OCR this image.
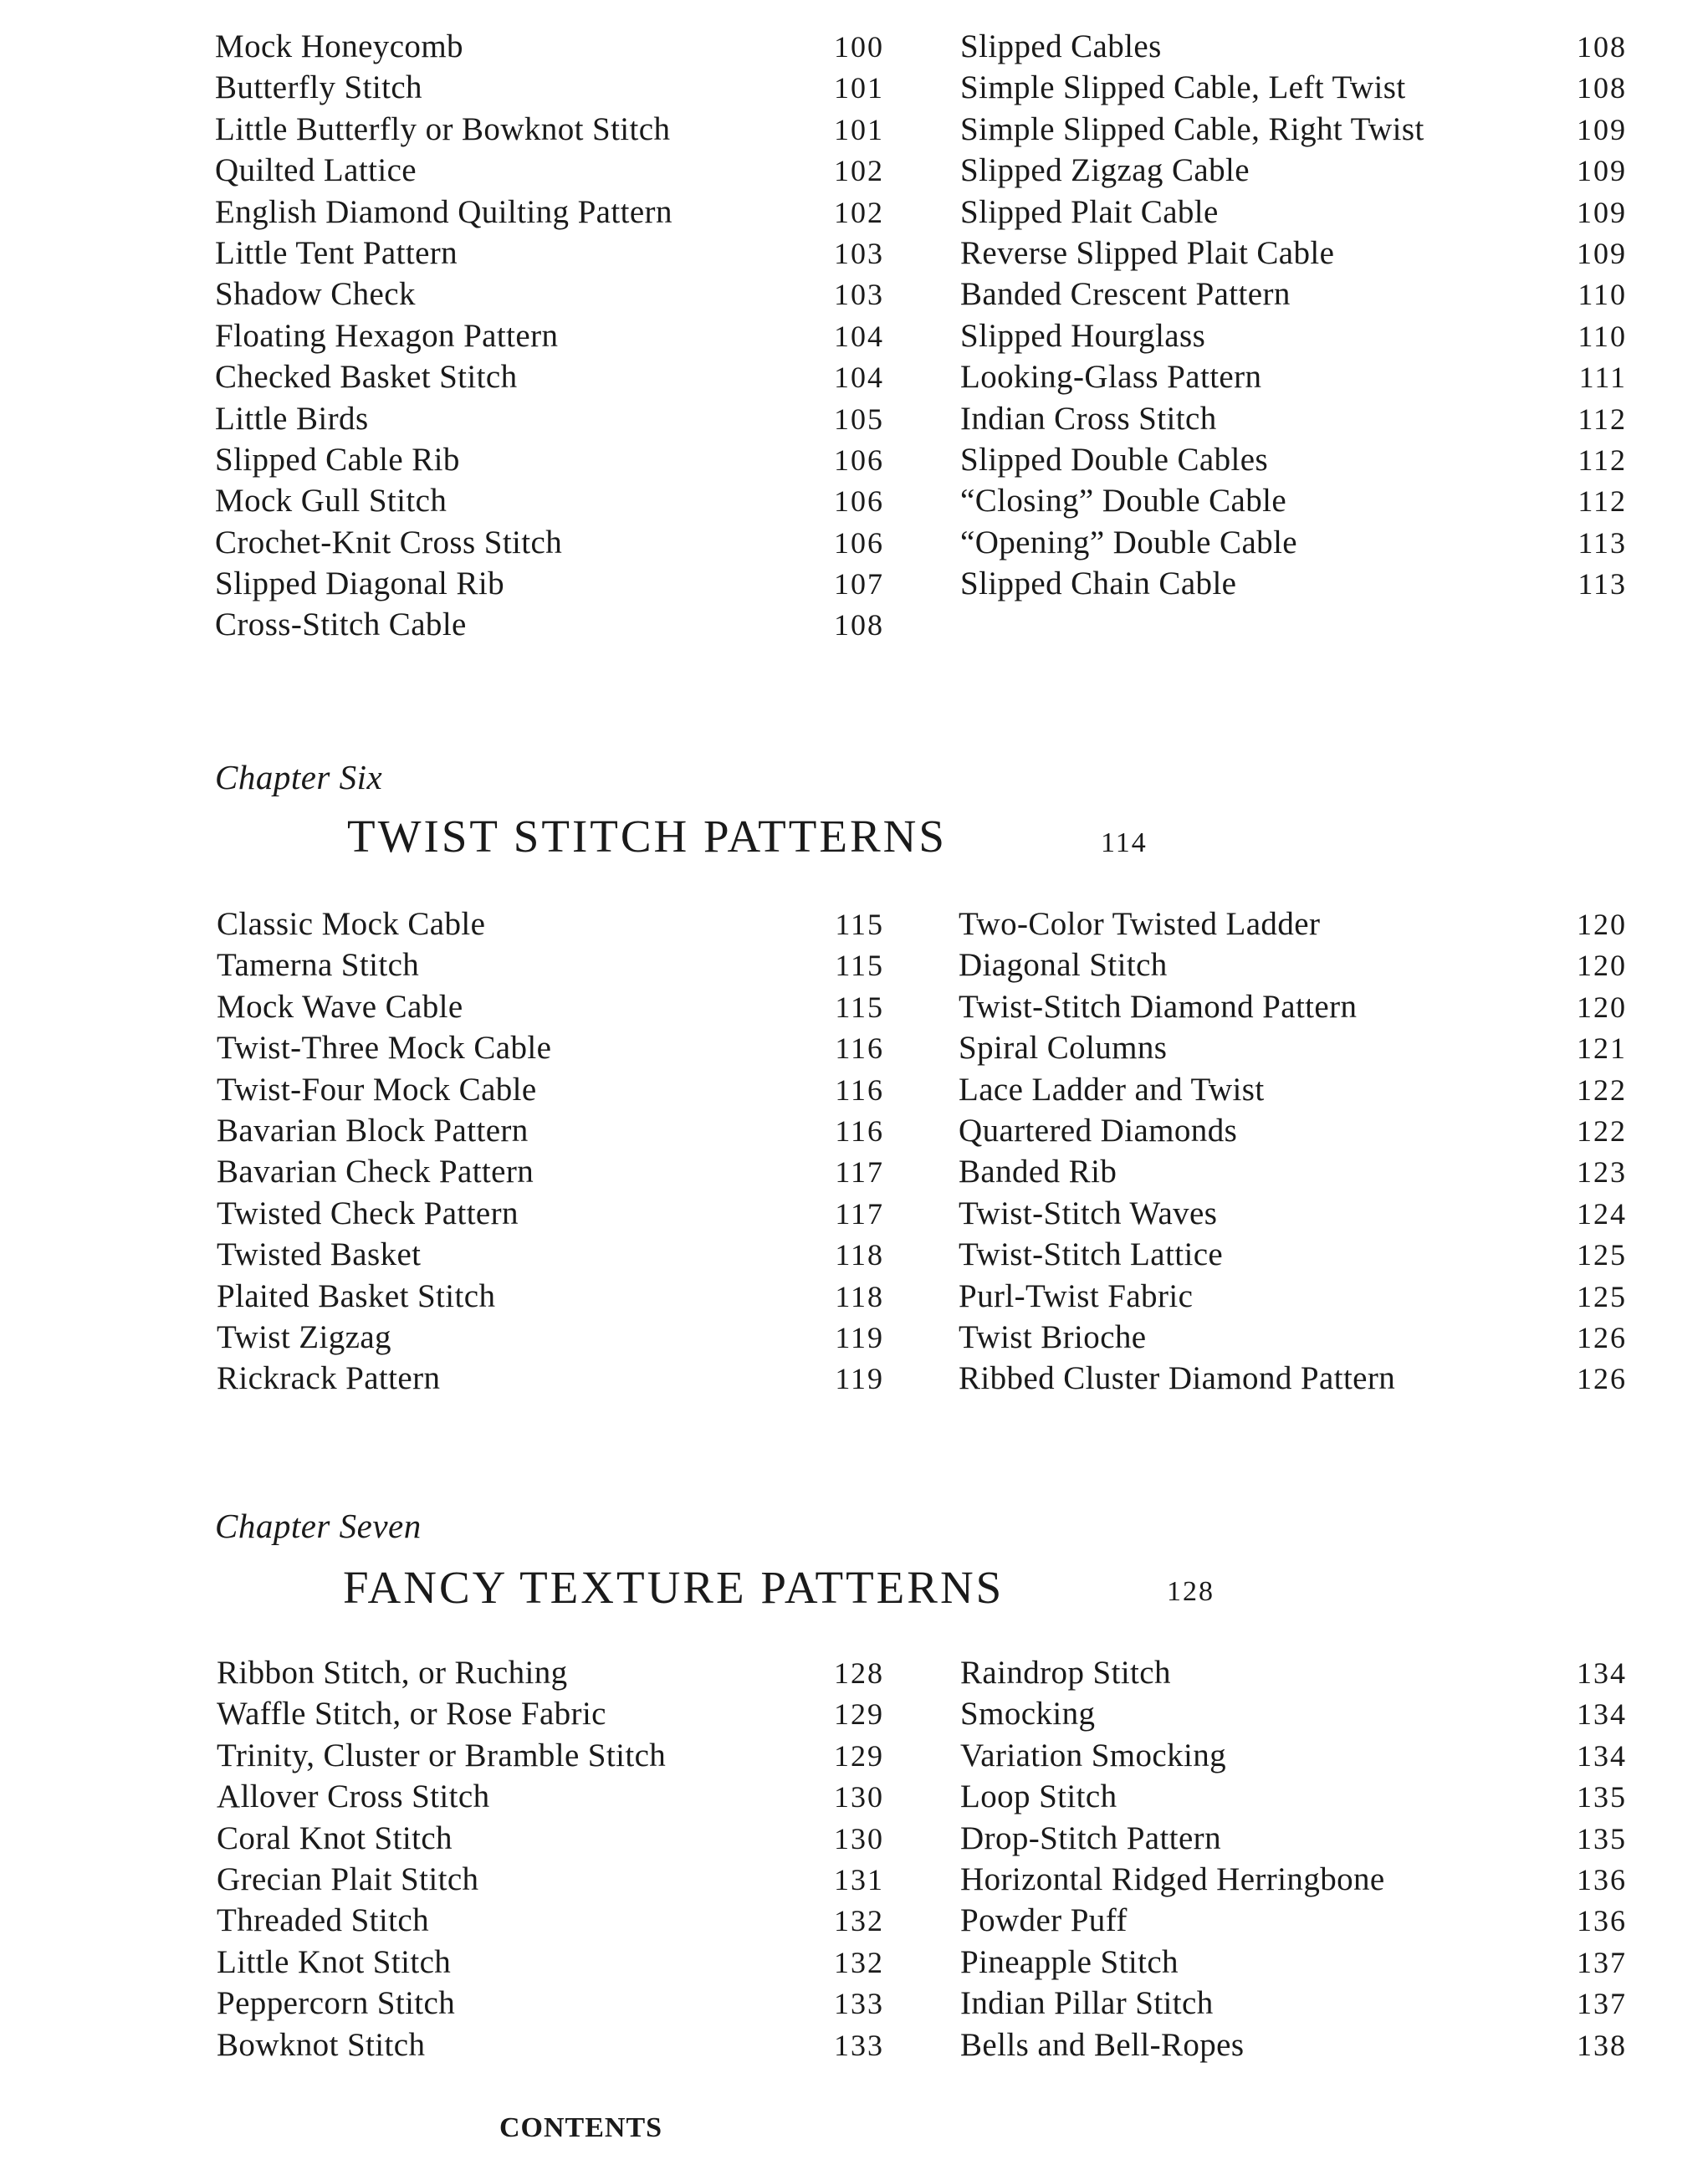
Mock Honeycomb	100
Butterfly Stitch	101
Little Butterfly or Bowknot Stitch	101
Quilted Lattice	102
English Diamond Quilting Pattern	102
Little Tent Pattern	103
Shadow Check	103
Floating Hexagon Pattern	104
Checked Basket Stitch	104
Little Birds	105
Slipped Cable Rib	106
Mock Gull Stitch	106
Crochet-Knit Cross Stitch	106
Slipped Diagonal Rib	107
Cross-Stitch Cable	108
Slipped Cables	108
Simple Slipped Cable, Left Twist	108
Simple Slipped Cable, Right Twist	109
Slipped Zigzag Cable	109
Slipped Plait Cable	109
Reverse Slipped Plait Cable	109
Banded Crescent Pattern	110
Slipped Hourglass	110
Looking-Glass Pattern	111
Indian Cross Stitch	112
Slipped Double Cables	112
“Closing” Double Cable	112
“Opening” Double Cable	113
Slipped Chain Cable	113
Chapter Six
TWIST STITCH PATTERNS	114
Classic Mock Cable	115
Tamerna Stitch	115
Mock Wave Cable	115
Twist-Three Mock Cable	116
Twist-Four Mock Cable	116
Bavarian Block Pattern	116
Bavarian Check Pattern	117
Twisted Check Pattern	117
Twisted Basket	118
Plaited Basket Stitch	118
Twist Zigzag	119
Rickrack Pattern	119
Two-Color Twisted Ladder	120
Diagonal Stitch	120
Twist-Stitch Diamond Pattern	120
Spiral Columns	121
Lace Ladder and Twist	122
Quartered Diamonds	122
Banded Rib	123
Twist-Stitch Waves	124
Twist-Stitch Lattice	125
Purl-Twist Fabric	125
Twist Brioche	126
Ribbed Cluster Diamond Pattern	126
Chapter Seven
FANCY TEXTURE PATTERNS	128
Ribbon Stitch, or Ruching	128
Waffle Stitch, or Rose Fabric	129
Trinity, Cluster or Bramble Stitch	129
Allover Cross Stitch	130
Coral Knot Stitch	130
Grecian Plait Stitch	131
Threaded Stitch	132
Little Knot Stitch	132
Peppercorn Stitch	133
Bowknot Stitch	133
Raindrop Stitch	134
Smocking	134
Variation Smocking	134
Loop Stitch	135
Drop-Stitch Pattern	135
Horizontal Ridged Herringbone	136
Powder Puff	136
Pineapple Stitch	137
Indian Pillar Stitch	137
Bells and Bell-Ropes	138
CONTENTS
